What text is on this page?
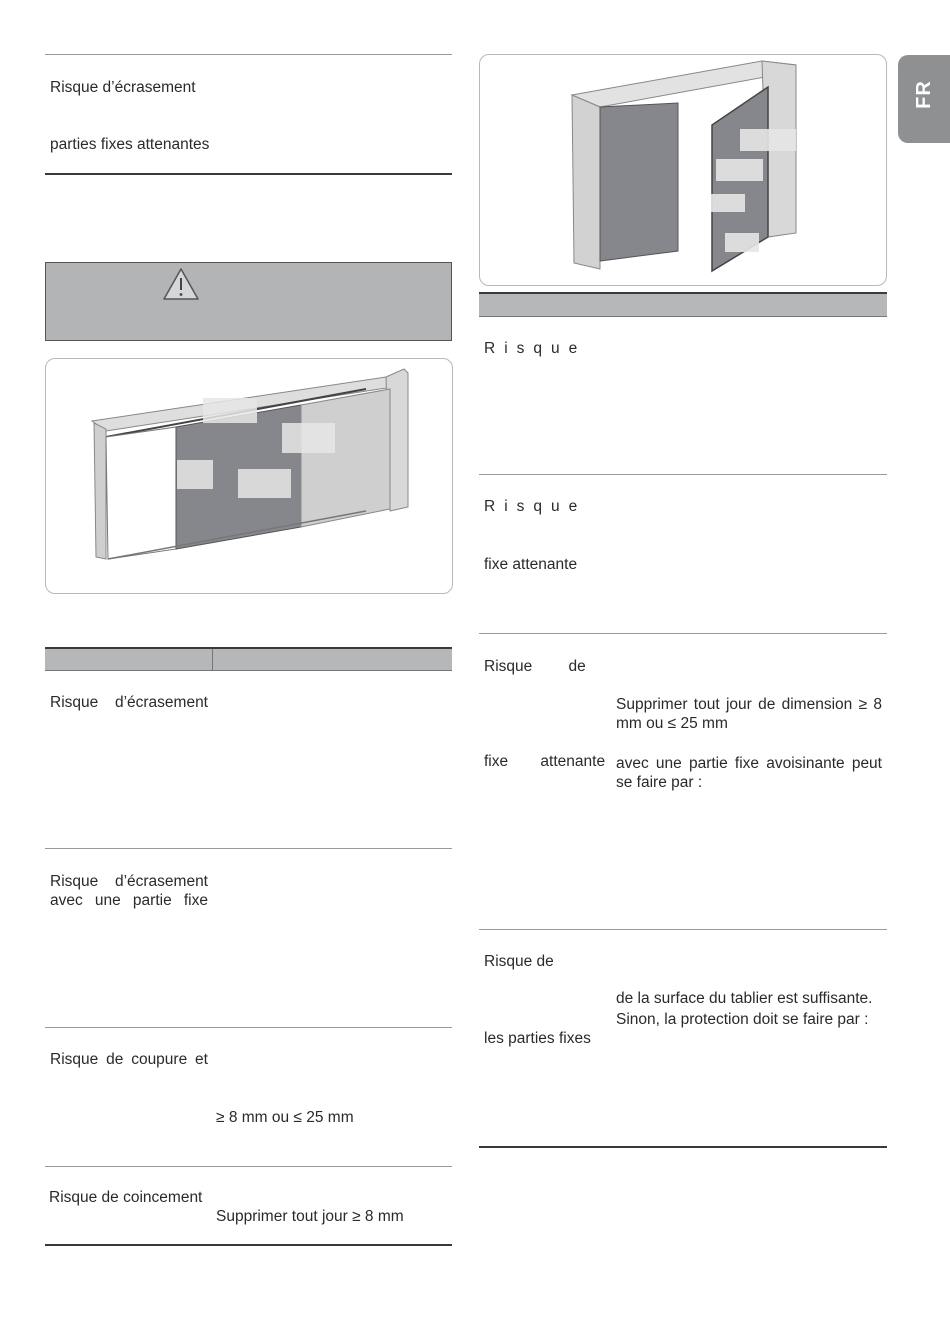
FR
Risque d’écrasement
parties fixes attenantes
Risque d’écrasement
Risque d’écrasement
avec une partie fixe
Risque de coupure et
≥ 8 mm ou ≤ 25 mm
Risque de coincement
Supprimer tout jour ≥ 8 mm
Risque
Risque
fixe attenante
Risque de
fixe attenante
Supprimer tout jour de dimension ≥ 8 mm ou ≤ 25 mm
avec une partie fixe avoisinante peut se faire par :
Risque de
les parties fixes
de la surface du tablier est suffisante.
Sinon, la protection doit se faire par :
